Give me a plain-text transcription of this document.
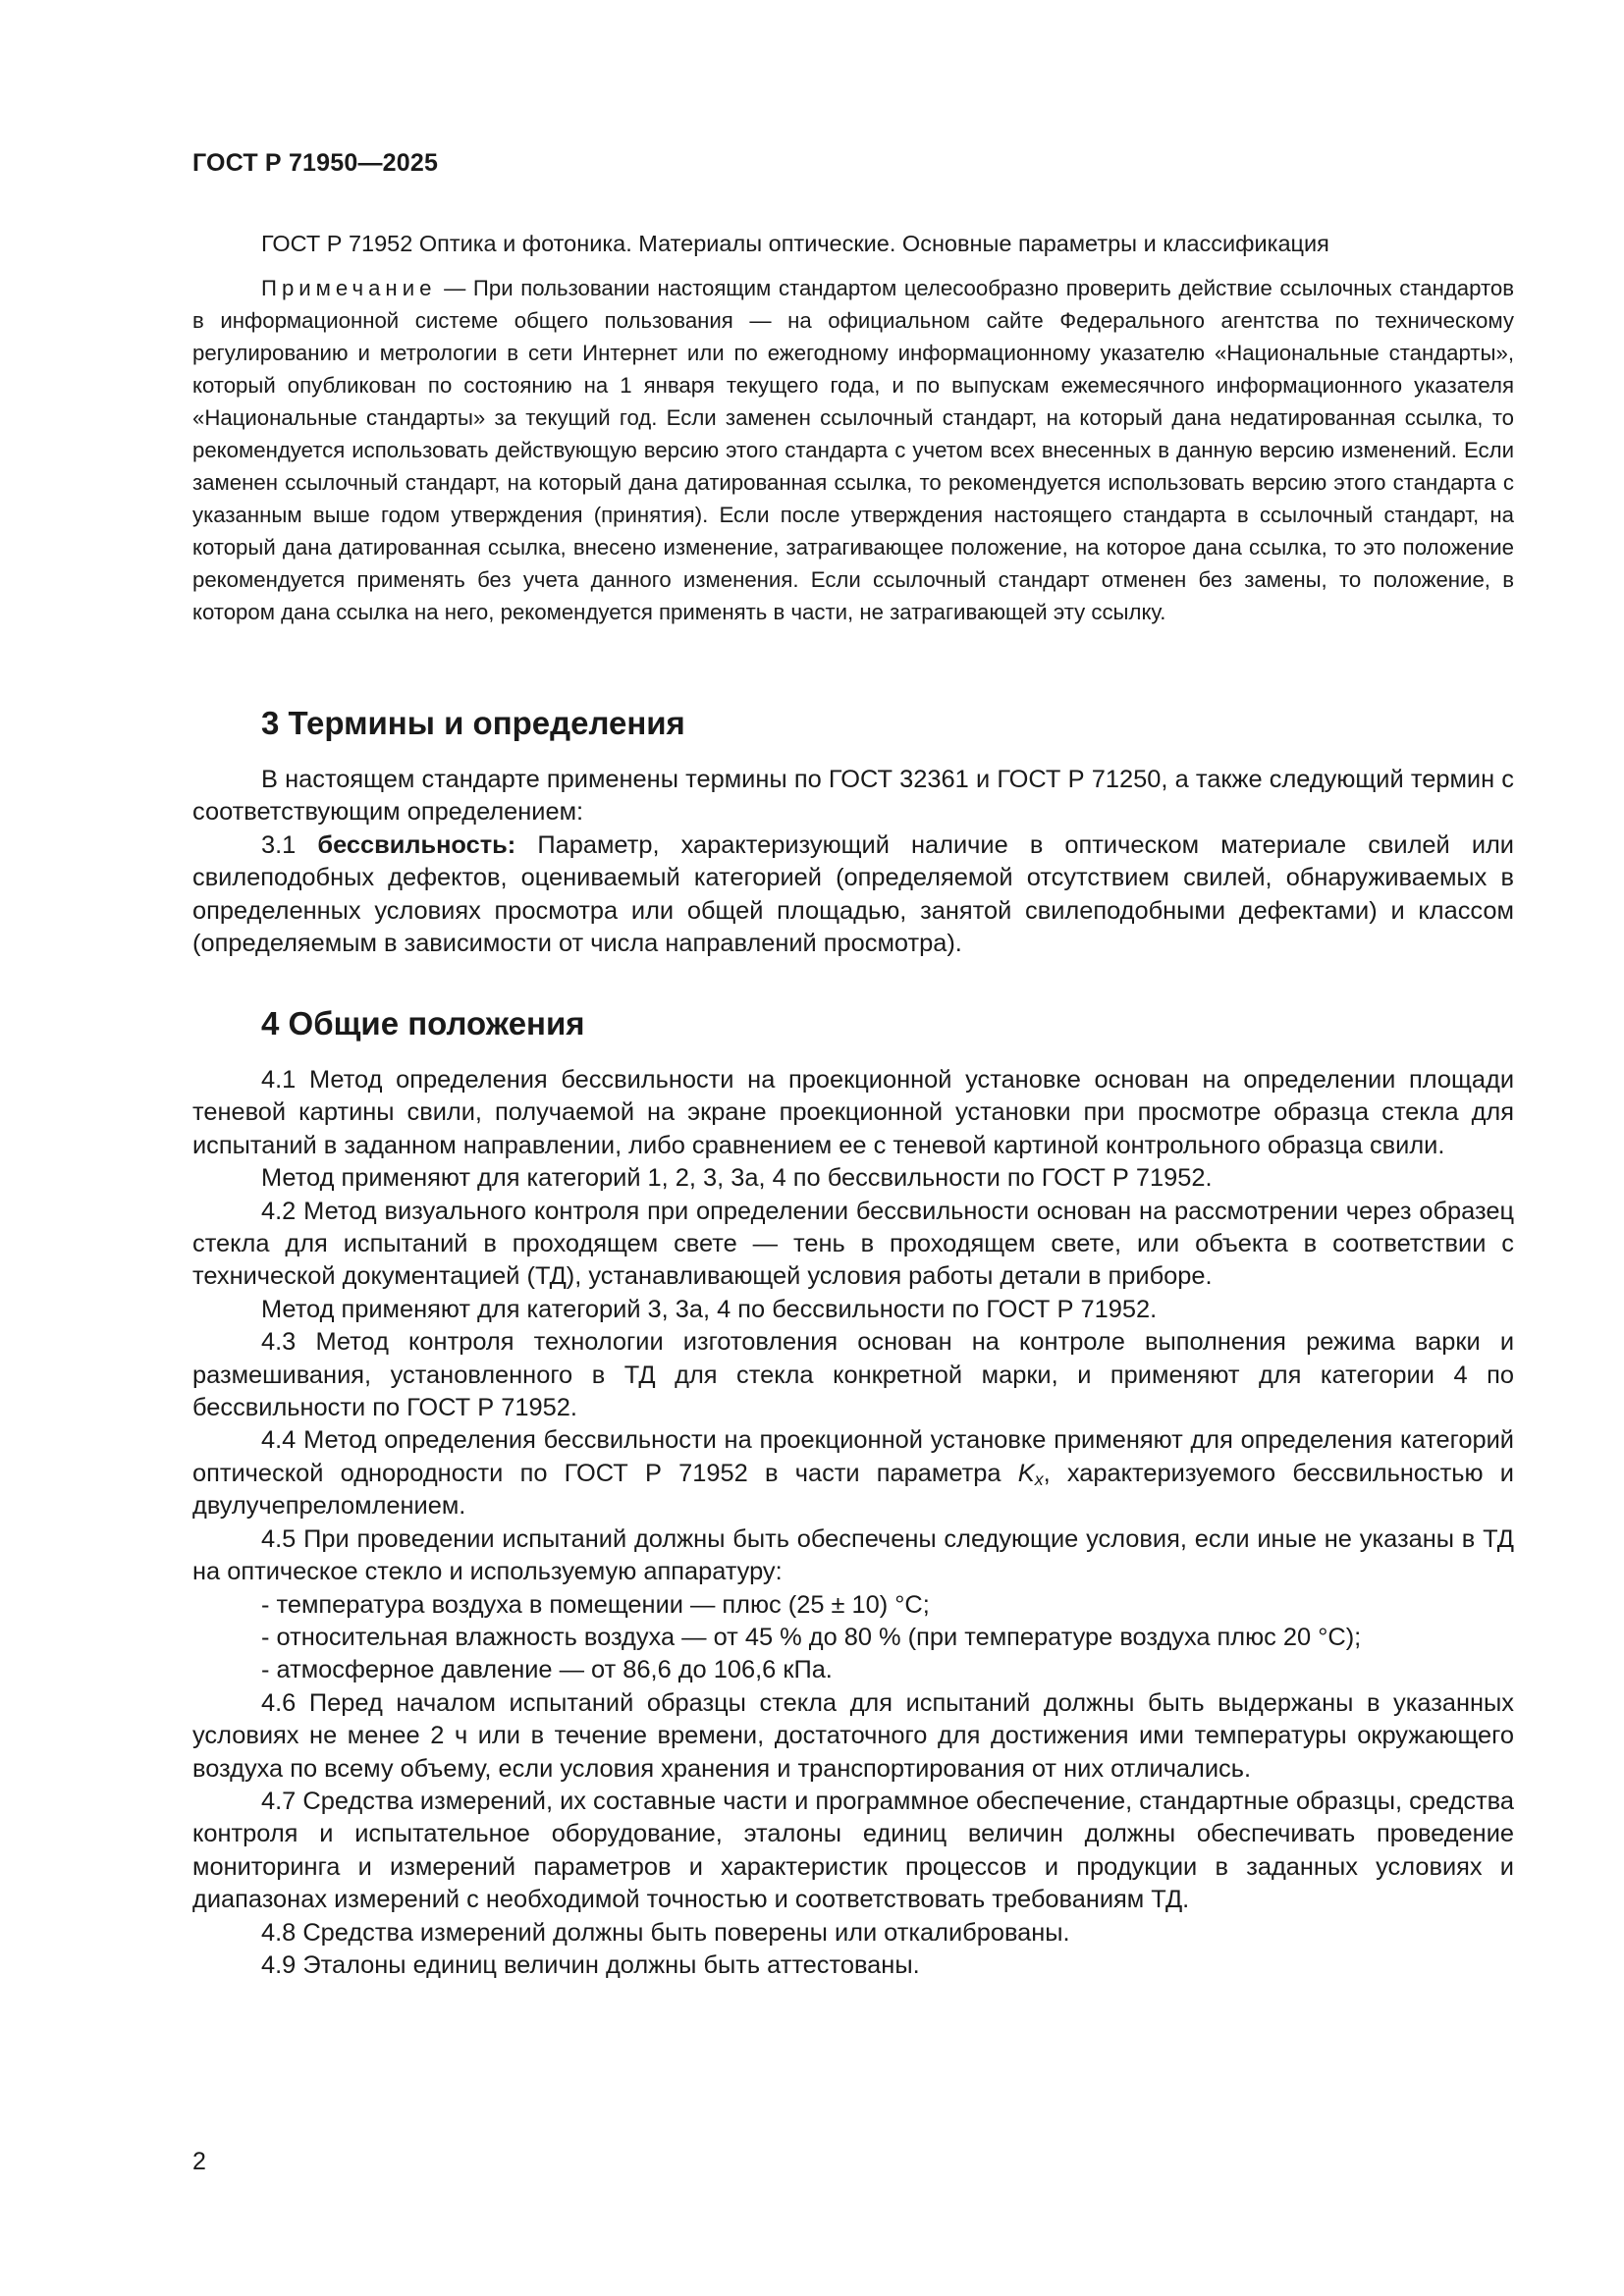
ГОСТ Р 71950—2025

ГОСТ Р 71952 Оптика и фотоника. Материалы оптические. Основные параметры и классификация

Примечание — При пользовании настоящим стандартом целесообразно проверить действие ссылочных стандартов в информационной системе общего пользования — на официальном сайте Федерального агентства по техническому регулированию и метрологии в сети Интернет или по ежегодному информационному указателю «Национальные стандарты», который опубликован по состоянию на 1 января текущего года, и по выпускам ежемесячного информационного указателя «Национальные стандарты» за текущий год. Если заменен ссылочный стандарт, на который дана недатированная ссылка, то рекомендуется использовать действующую версию этого стандарта с учетом всех внесенных в данную версию изменений. Если заменен ссылочный стандарт, на который дана датированная ссылка, то рекомендуется использовать версию этого стандарта с указанным выше годом утверждения (принятия). Если после утверждения настоящего стандарта в ссылочный стандарт, на который дана датированная ссылка, внесено изменение, затрагивающее положение, на которое дана ссылка, то это положение рекомендуется применять без учета данного изменения. Если ссылочный стандарт отменен без замены, то положение, в котором дана ссылка на него, рекомендуется применять в части, не затрагивающей эту ссылку.

3 Термины и определения

В настоящем стандарте применены термины по ГОСТ 32361 и ГОСТ Р 71250, а также следующий термин с соответствующим определением:

3.1 бессвильность: Параметр, характеризующий наличие в оптическом материале свилей или свилеподобных дефектов, оцениваемый категорией (определяемой отсутствием свилей, обнаруживаемых в определенных условиях просмотра или общей площадью, занятой свилеподобными дефектами) и классом (определяемым в зависимости от числа направлений просмотра).

4 Общие положения

4.1 Метод определения бессвильности на проекционной установке основан на определении площади теневой картины свили, получаемой на экране проекционной установки при просмотре образца стекла для испытаний в заданном направлении, либо сравнением ее с теневой картиной контрольного образца свили.

Метод применяют для категорий 1, 2, 3, 3а, 4 по бессвильности по ГОСТ Р 71952.

4.2 Метод визуального контроля при определении бессвильности основан на рассмотрении через образец стекла для испытаний в проходящем свете — тень в проходящем свете, или объекта в соответствии с технической документацией (ТД), устанавливающей условия работы детали в приборе.

Метод применяют для категорий 3, 3а, 4 по бессвильности по ГОСТ Р 71952.

4.3 Метод контроля технологии изготовления основан на контроле выполнения режима варки и размешивания, установленного в ТД для стекла конкретной марки, и применяют для категории 4 по бессвильности по ГОСТ Р 71952.

4.4 Метод определения бессвильности на проекционной установке применяют для определения категорий оптической однородности по ГОСТ Р 71952 в части параметра $K_x$, характеризуемого бессвильностью и двулучепреломлением.

4.5 При проведении испытаний должны быть обеспечены следующие условия, если иные не указаны в ТД на оптическое стекло и используемую аппаратуру:

- температура воздуха в помещении — плюс (25 ± 10) °С;

- относительная влажность воздуха — от 45 % до 80 % (при температуре воздуха плюс 20 °С);

- атмосферное давление — от 86,6 до 106,6 кПа.

4.6 Перед началом испытаний образцы стекла для испытаний должны быть выдержаны в указанных условиях не менее 2 ч или в течение времени, достаточного для достижения ими температуры окружающего воздуха по всему объему, если условия хранения и транспортирования от них отличались.

4.7 Средства измерений, их составные части и программное обеспечение, стандартные образцы, средства контроля и испытательное оборудование, эталоны единиц величин должны обеспечивать проведение мониторинга и измерений параметров и характеристик процессов и продукции в заданных условиях и диапазонах измерений с необходимой точностью и соответствовать требованиям ТД.

4.8 Средства измерений должны быть поверены или откалиброваны.

4.9 Эталоны единиц величин должны быть аттестованы.

2
